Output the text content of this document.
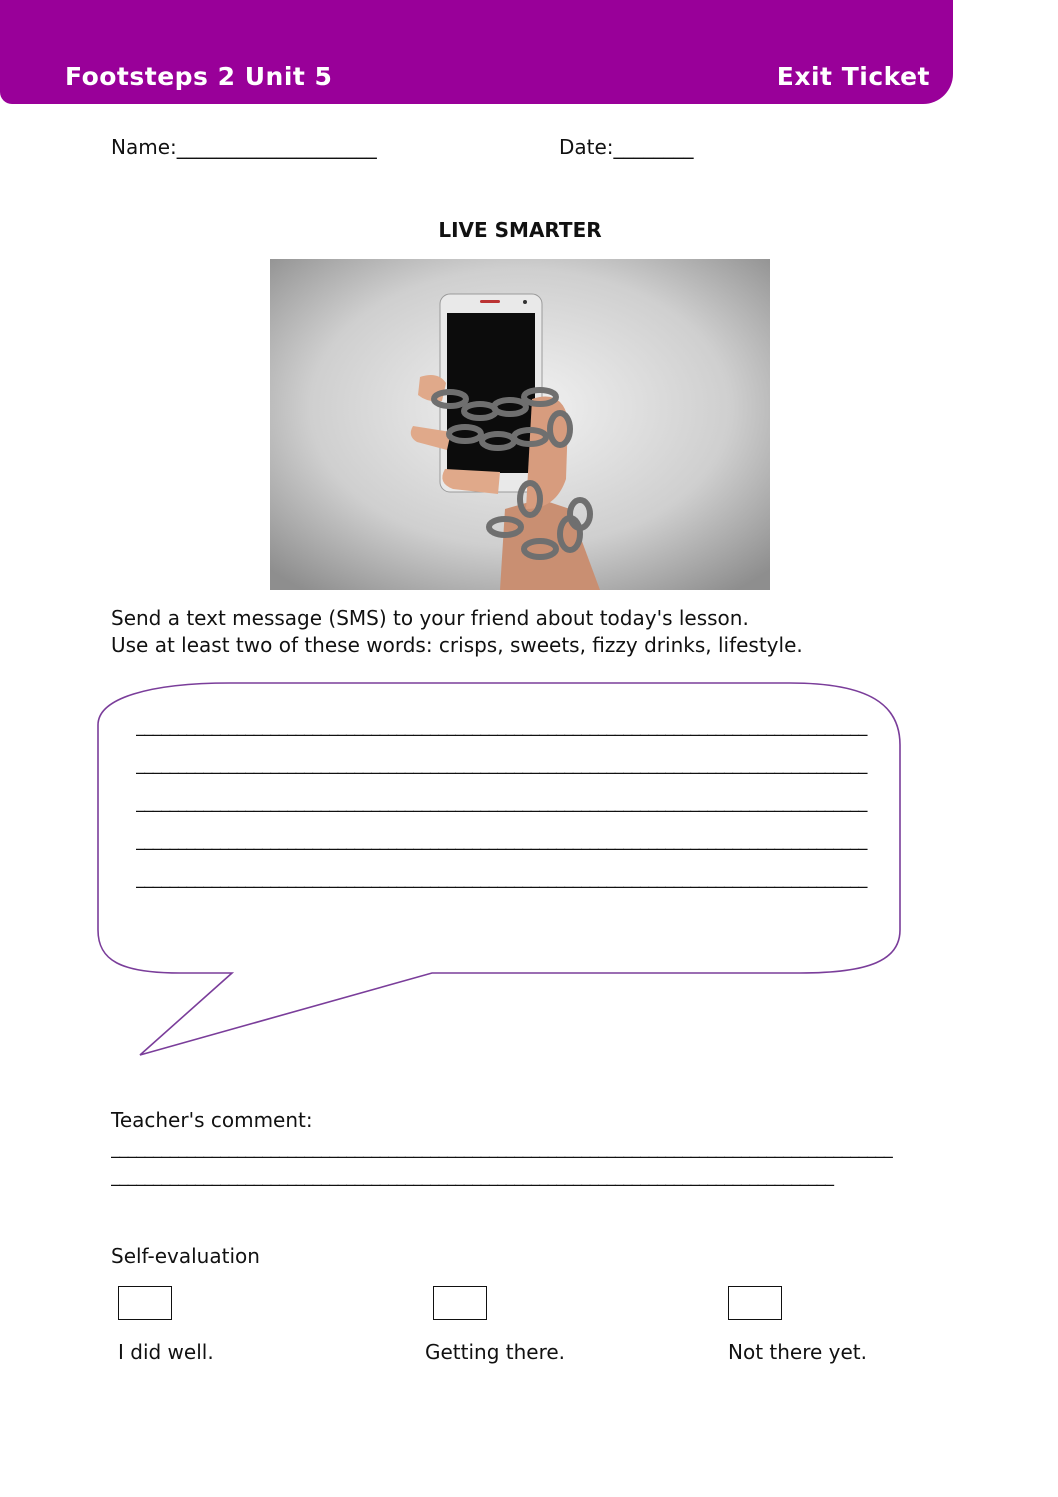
Footsteps 2 Unit 5	Exit Ticket
Name:____________________	Date:________
LIVE SMARTER
Send a text message (SMS) to your friend about today's lesson.
Use at least two of these words: crisps, sweets, fizzy drinks, lifestyle.
_______________________________________________________________________________________
_______________________________________________________________________________________
_______________________________________________________________________________________
_______________________________________________________________________________________
_______________________________________________________________________________________
Teacher's comment:
_____________________________________________________________________________________________
______________________________________________________________________________________
Self-evaluation
I did well.	Getting there.	Not there yet.
